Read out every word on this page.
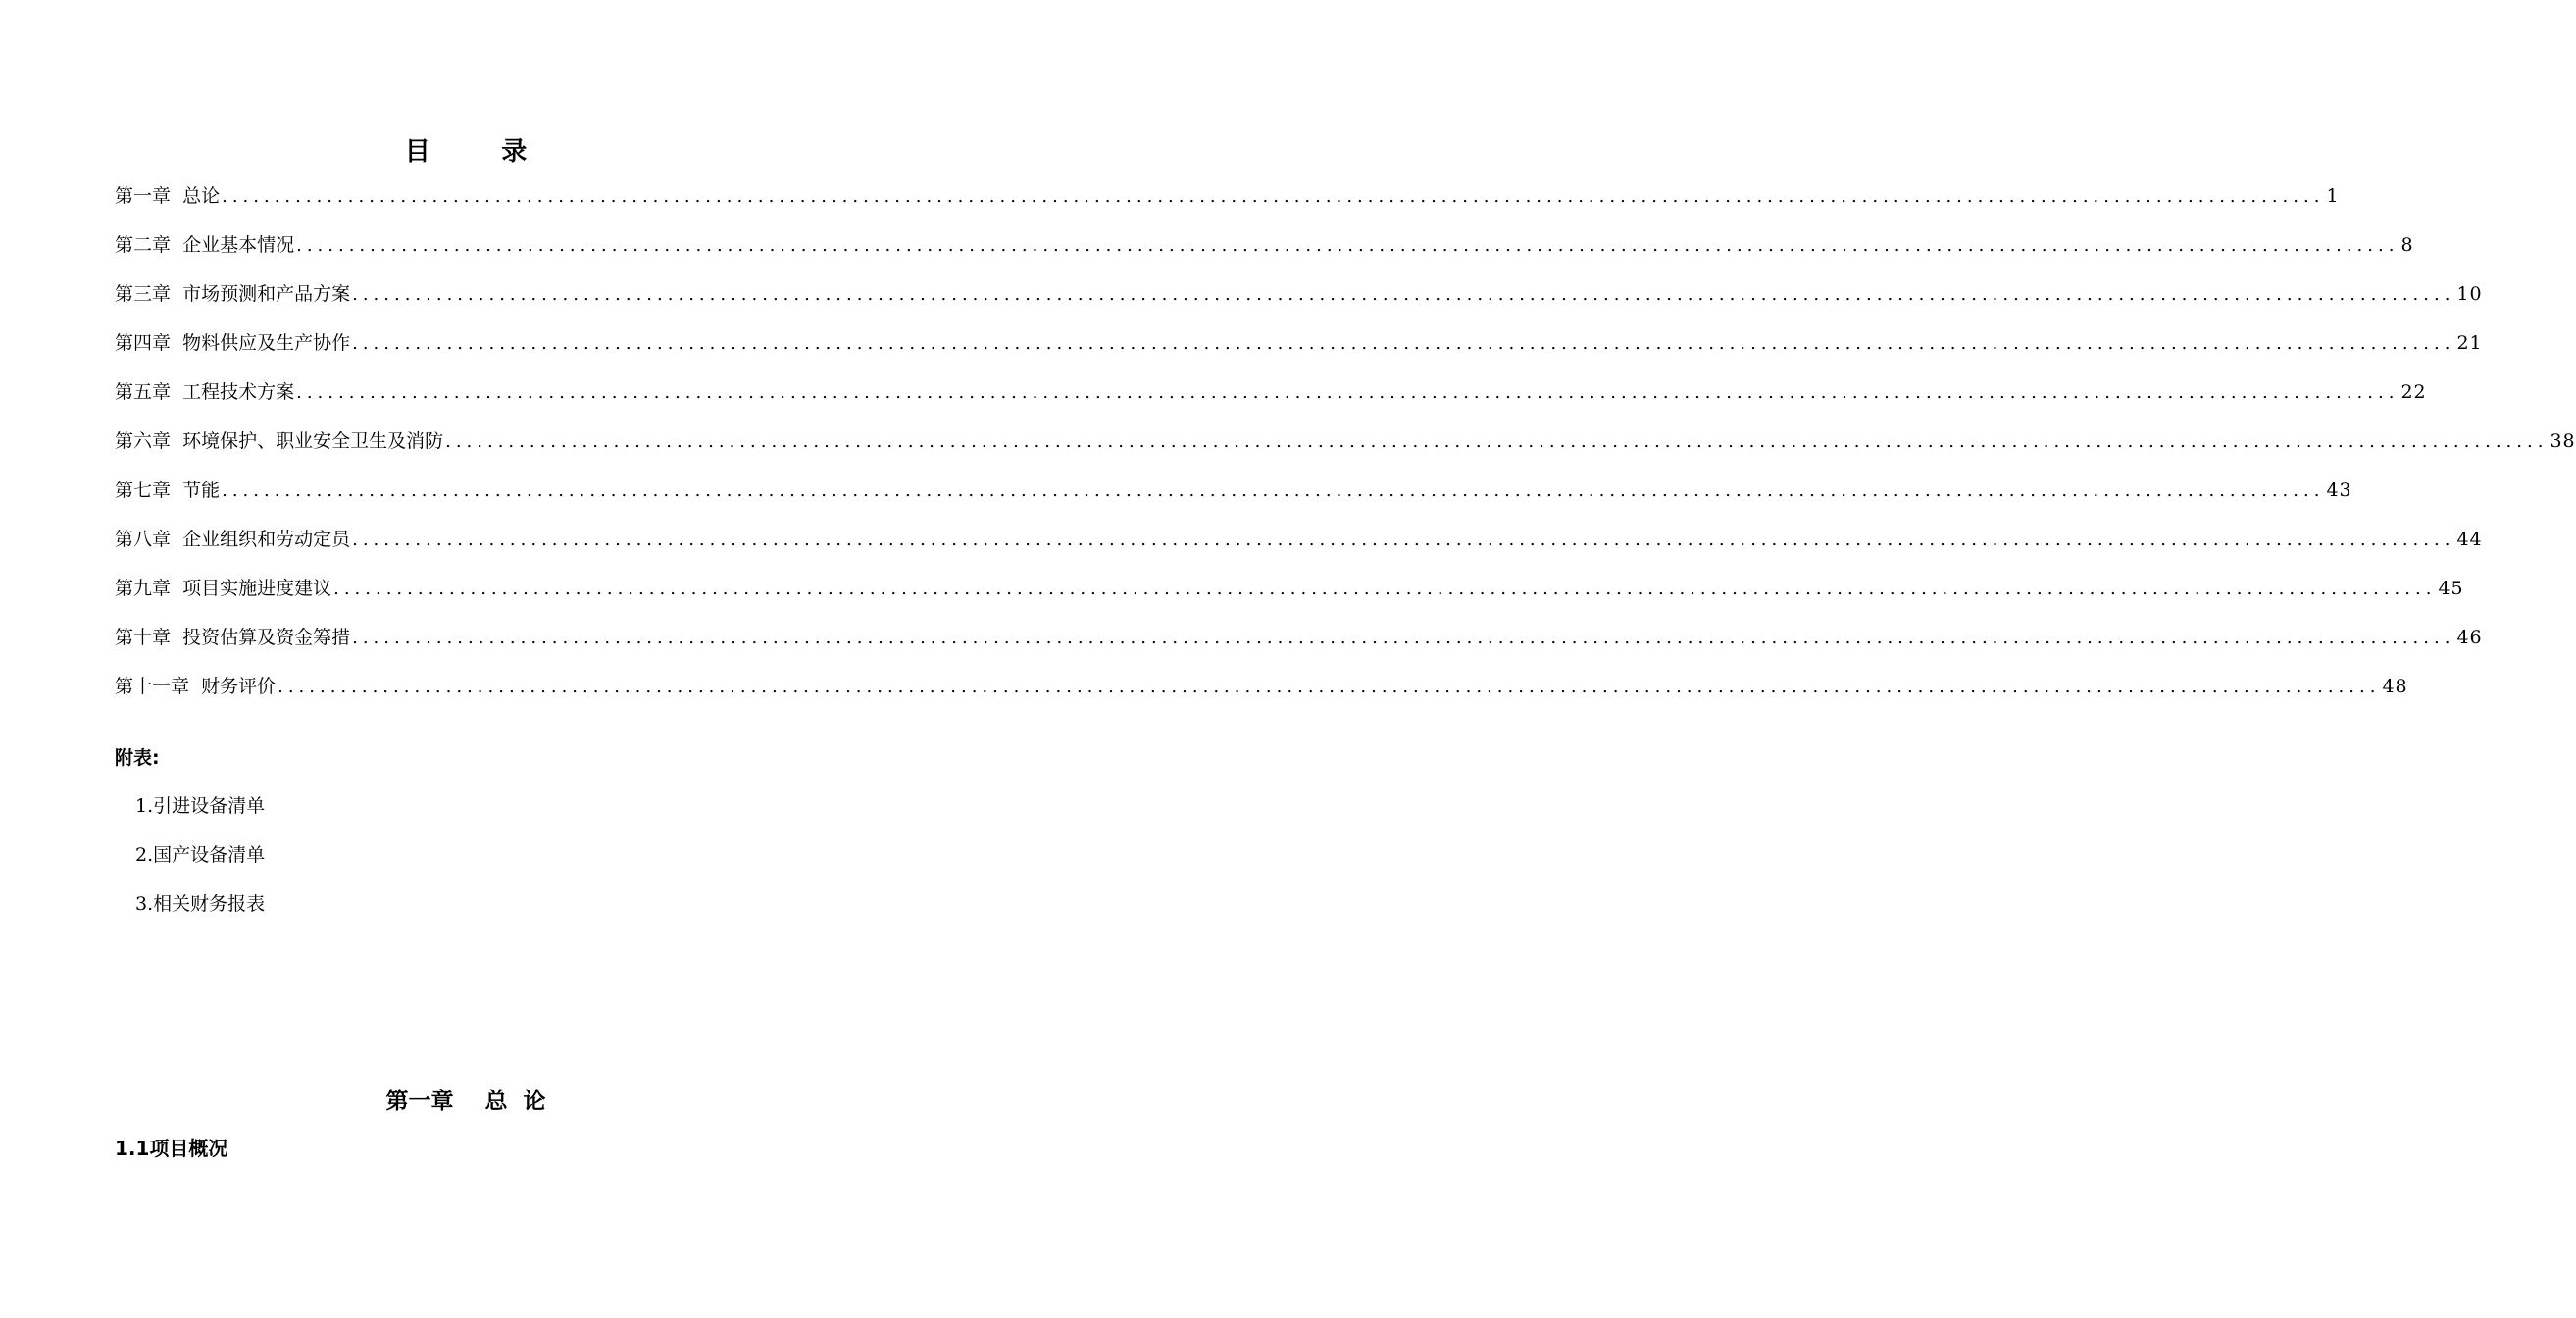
目        录
第一章  总论 ........................................................................................................................................................................................................ 1
第二章  企业基本情况 ........................................................................................................................................................................................................ 8
第三章  市场预测和产品方案 ........................................................................................................................................................................................................ 10
第四章  物料供应及生产协作 ........................................................................................................................................................................................................ 21
第五章  工程技术方案 ........................................................................................................................................................................................................ 22
第六章  环境保护、职业安全卫生及消防 ........................................................................................................................................................................................................ 38
第七章  节能 ........................................................................................................................................................................................................ 43
第八章  企业组织和劳动定员 ........................................................................................................................................................................................................ 44
第九章  项目实施进度建议 ........................................................................................................................................................................................................ 45
第十章  投资估算及资金筹措 ........................................................................................................................................................................................................ 46
第十一章  财务评价 ........................................................................................................................................................................................................ 48
附表:
1.引进设备清单
2.国产设备清单
3.相关财务报表
第一章    总  论
1.1项目概况
